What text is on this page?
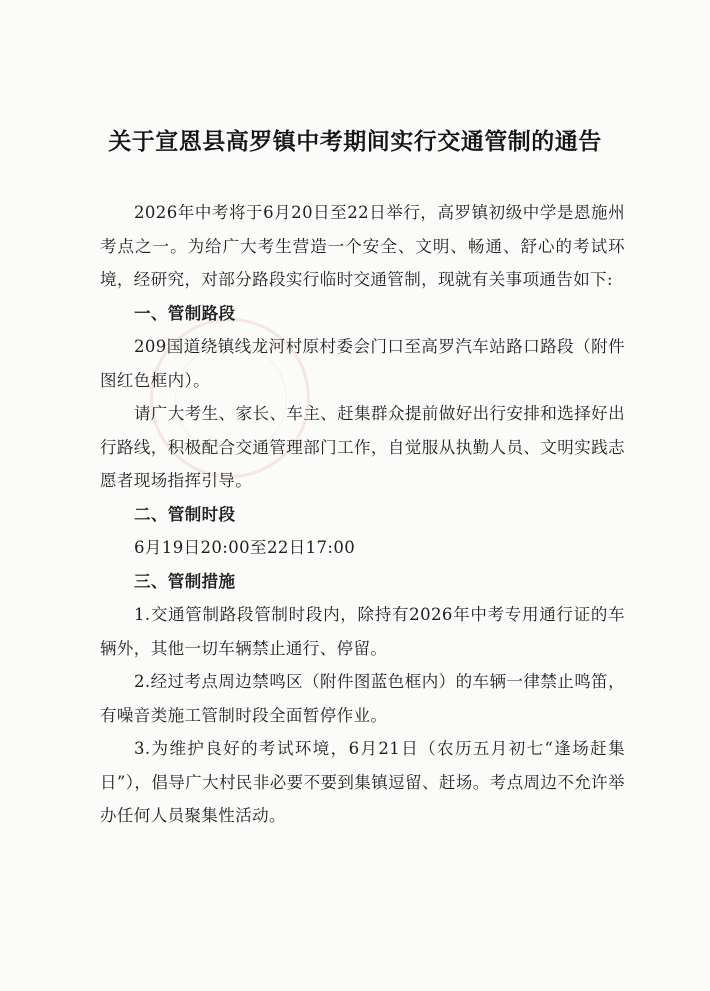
关于宣恩县高罗镇中考期间实行交通管制的通告

2026年中考将于6月20日至22日举行，高罗镇初级中学是恩施州考点之一。为给广大考生营造一个安全、文明、畅通、舒心的考试环境，经研究，对部分路段实行临时交通管制，现就有关事项通告如下:

一、管制路段

209国道绕镇线龙河村原村委会门口至高罗汽车站路口路段（附件图红色框内）。

请广大考生、家长、车主、赶集群众提前做好出行安排和选择好出行路线，积极配合交通管理部门工作，自觉服从执勤人员、文明实践志愿者现场指挥引导。

二、管制时段

6月19日20:00至22日17:00

三、管制措施

1.交通管制路段管制时段内，除持有2026年中考专用通行证的车辆外，其他一切车辆禁止通行、停留。

2.经过考点周边禁鸣区（附件图蓝色框内）的车辆一律禁止鸣笛，有噪音类施工管制时段全面暂停作业。

3.为维护良好的考试环境，6月21日（农历五月初七“逢场赶集日”），倡导广大村民非必要不要到集镇逗留、赶场。考点周边不允许举办任何人员聚集性活动。
